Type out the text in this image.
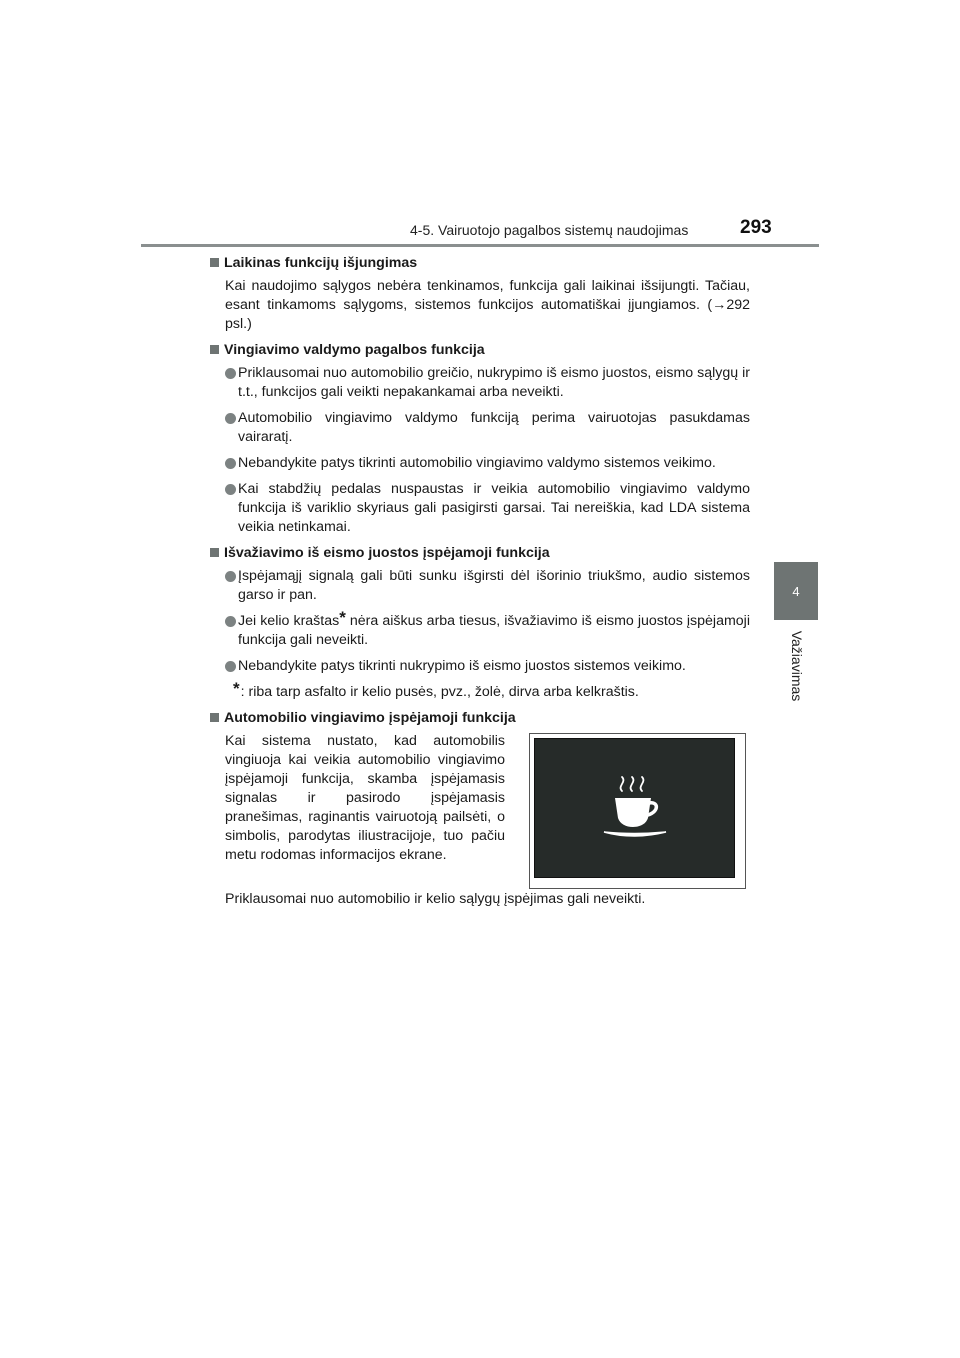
4-5. Vairuotojo pagalbos sistemų naudojimas	293
4
Važiavimas
Laikinas funkcijų išjungimas
Kai naudojimo sąlygos nebėra tenkinamos, funkcija gali laikinai išsijungti. Tačiau, esant tinkamoms sąlygoms, sistemos funkcijos automatiškai įjungiamos. (→292 psl.)
Vingiavimo valdymo pagalbos funkcija
Priklausomai nuo automobilio greičio, nukrypimo iš eismo juostos, eismo sąlygų ir t.t., funkcijos gali veikti nepakankamai arba neveikti.
Automobilio vingiavimo valdymo funkciją perima vairuotojas pasukdamas vairaratį.
Nebandykite patys tikrinti automobilio vingiavimo valdymo sistemos veikimo.
Kai stabdžių pedalas nuspaustas ir veikia automobilio vingiavimo valdymo funkcija iš variklio skyriaus gali pasigirsti garsai. Tai nereiškia, kad LDA sistema veikia netinkamai.
Išvažiavimo iš eismo juostos įspėjamoji funkcija
Įspėjamąjį signalą gali būti sunku išgirsti dėl išorinio triukšmo, audio sistemos garso ir pan.
Jei kelio kraštas* nėra aiškus arba tiesus, išvažiavimo iš eismo juostos įspėjamoji funkcija gali neveikti.
Nebandykite patys tikrinti nukrypimo iš eismo juostos sistemos veikimo.
*: riba tarp asfalto ir kelio pusės, pvz., žolė, dirva arba kelkraštis.
Automobilio vingiavimo įspėjamoji funkcija
Kai sistema nustato, kad automobilis vingiuoja kai veikia automobilio vingiavimo įspėjamoji funkcija, skamba įspėjamasis signalas ir pasirodo įspėjamasis pranešimas, raginantis vairuotoją pailsėti, o simbolis, parodytas iliustracijoje, tuo pačiu metu rodomas informacijos ekrane.
Priklausomai nuo automobilio ir kelio sąlygų įspėjimas gali neveikti.
